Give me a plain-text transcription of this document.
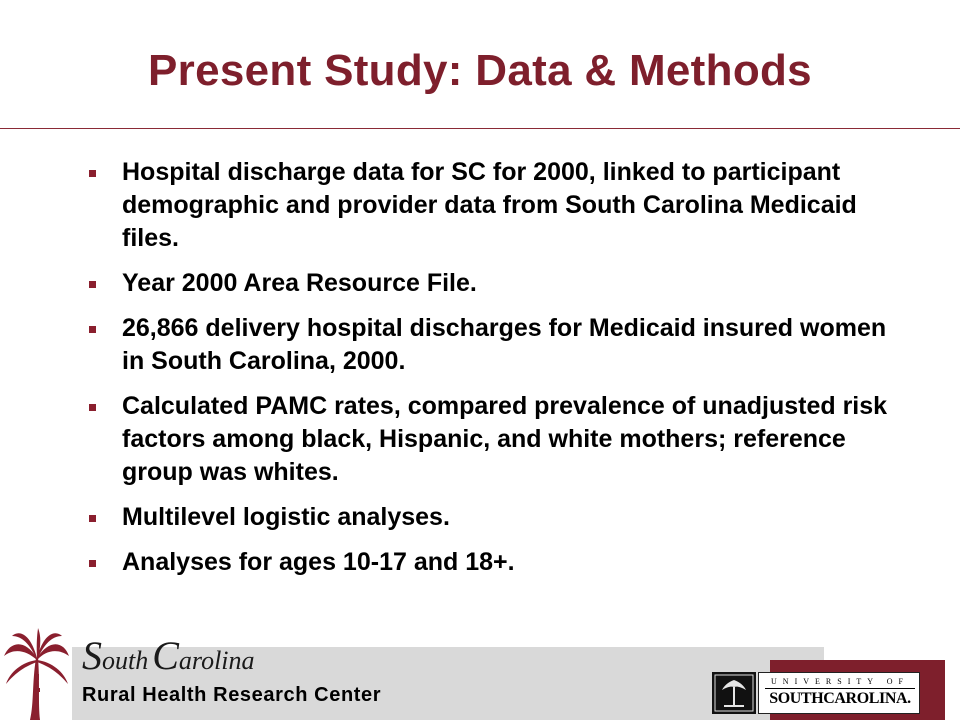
Present Study: Data & Methods
Hospital discharge data for SC for 2000, linked to participant demographic and provider data from South Carolina Medicaid files.
Year 2000 Area Resource File.
26,866 delivery hospital discharges for Medicaid insured women in South Carolina, 2000.
Calculated PAMC rates, compared prevalence of unadjusted risk factors among black, Hispanic, and white mothers; reference group was whites.
Multilevel logistic analyses.
Analyses for ages 10-17 and 18+.
South Carolina
Rural Health Research Center
UNIVERSITY OF
SOUTHCAROLINA.
